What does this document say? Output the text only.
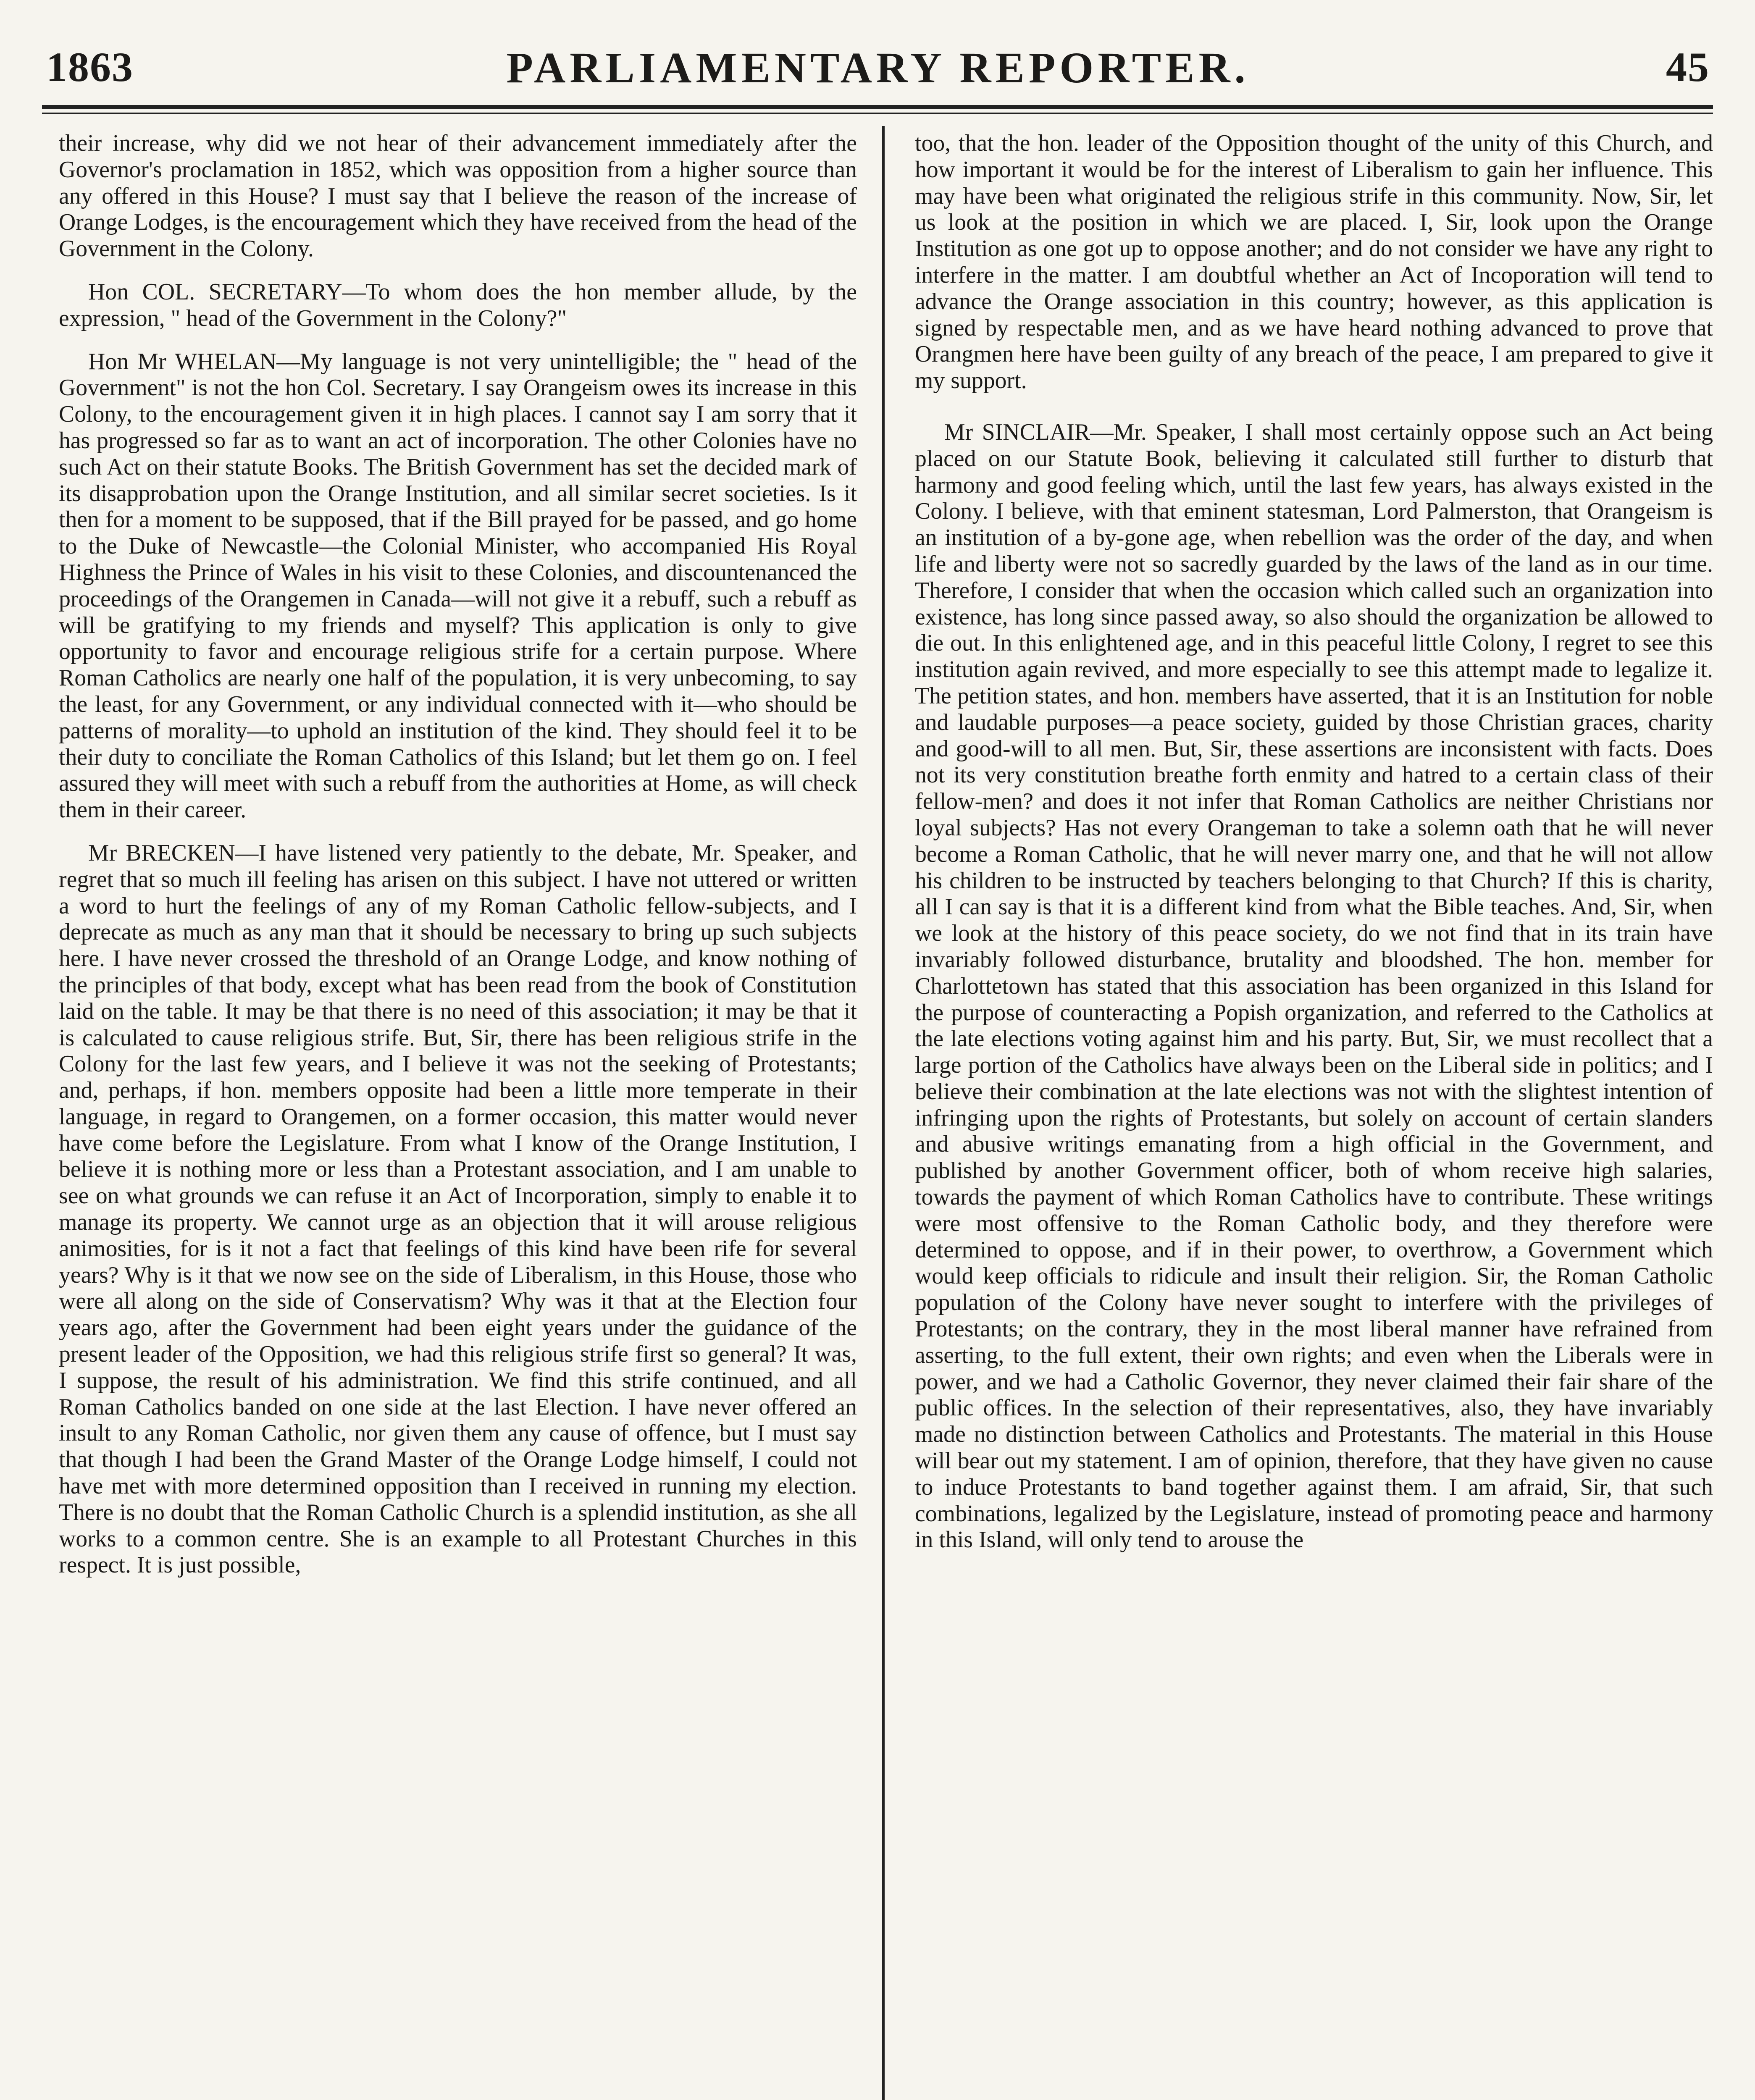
1863	PARLIAMENTARY REPORTER.	45

their increase, why did we not hear of their advancement immediately after the Governor's proclamation in 1852, which was opposition from a higher source than any offered in this House? I must say that I believe the reason of the increase of Orange Lodges, is the encouragement which they have received from the head of the Government in the Colony.

Hon COL. SECRETARY—To whom does the hon member allude, by the expression, " head of the Government in the Colony?"

Hon Mr WHELAN—My language is not very unintelligible; the " head of the Government" is not the hon Col. Secretary. I say Orangeism owes its increase in this Colony, to the encouragement given it in high places. I cannot say I am sorry that it has progressed so far as to want an act of incorporation. The other Colonies have no such Act on their statute Books. The British Government has set the decided mark of its disapprobation upon the Orange Institution, and all similar secret societies. Is it then for a moment to be supposed, that if the Bill prayed for be passed, and go home to the Duke of Newcastle—the Colonial Minister, who accompanied His Royal Highness the Prince of Wales in his visit to these Colonies, and discountenanced the proceedings of the Orangemen in Canada—will not give it a rebuff, such a rebuff as will be gratifying to my friends and myself? This application is only to give opportunity to favor and encourage religious strife for a certain purpose. Where Roman Catholics are nearly one half of the population, it is very unbecoming, to say the least, for any Government, or any individual connected with it—who should be patterns of morality—to uphold an institution of the kind. They should feel it to be their duty to conciliate the Roman Catholics of this Island; but let them go on. I feel assured they will meet with such a rebuff from the authorities at Home, as will check them in their career.

Mr BRECKEN—I have listened very patiently to the debate, Mr. Speaker, and regret that so much ill feeling has arisen on this subject. I have not uttered or written a word to hurt the feelings of any of my Roman Catholic fellow-subjects, and I deprecate as much as any man that it should be necessary to bring up such subjects here. I have never crossed the threshold of an Orange Lodge, and know nothing of the principles of that body, except what has been read from the book of Constitution laid on the table. It may be that there is no need of this association; it may be that it is calculated to cause religious strife. But, Sir, there has been religious strife in the Colony for the last few years, and I believe it was not the seeking of Protestants; and, perhaps, if hon. members opposite had been a little more temperate in their language, in regard to Orangemen, on a former occasion, this matter would never have come before the Legislature. From what I know of the Orange Institution, I believe it is nothing more or less than a Protestant association, and I am unable to see on what grounds we can refuse it an Act of Incorporation, simply to enable it to manage its property. We cannot urge as an objection that it will arouse religious animosities, for is it not a fact that feelings of this kind have been rife for several years? Why is it that we now see on the side of Liberalism, in this House, those who were all along on the side of Conservatism? Why was it that at the Election four years ago, after the Government had been eight years under the guidance of the present leader of the Opposition, we had this religious strife first so general? It was, I suppose, the result of his administration. We find this strife continued, and all Roman Catholics banded on one side at the last Election. I have never offered an insult to any Roman Catholic, nor given them any cause of offence, but I must say that though I had been the Grand Master of the Orange Lodge himself, I could not have met with more determined opposition than I received in running my election. There is no doubt that the Roman Catholic Church is a splendid institution, as she all works to a common centre. She is an example to all Protestant Churches in this respect. It is just possible,

too, that the hon. leader of the Opposition thought of the unity of this Church, and how important it would be for the interest of Liberalism to gain her influence. This may have been what originated the religious strife in this community. Now, Sir, let us look at the position in which we are placed. I, Sir, look upon the Orange Institution as one got up to oppose another; and do not consider we have any right to interfere in the matter. I am doubtful whether an Act of Incoporation will tend to advance the Orange association in this country; however, as this application is signed by respectable men, and as we have heard nothing advanced to prove that Orangmen here have been guilty of any breach of the peace, I am prepared to give it my support.

Mr SINCLAIR—Mr. Speaker, I shall most certainly oppose such an Act being placed on our Statute Book, believing it calculated still further to disturb that harmony and good feeling which, until the last few years, has always existed in the Colony. I believe, with that eminent statesman, Lord Palmerston, that Orangeism is an institution of a by-gone age, when rebellion was the order of the day, and when life and liberty were not so sacredly guarded by the laws of the land as in our time. Therefore, I consider that when the occasion which called such an organization into existence, has long since passed away, so also should the organization be allowed to die out. In this enlightened age, and in this peaceful little Colony, I regret to see this institution again revived, and more especially to see this attempt made to legalize it. The petition states, and hon. members have asserted, that it is an Institution for noble and laudable purposes—a peace society, guided by those Christian graces, charity and good-will to all men. But, Sir, these assertions are inconsistent with facts. Does not its very constitution breathe forth enmity and hatred to a certain class of their fellow-men? and does it not infer that Roman Catholics are neither Christians nor loyal subjects? Has not every Orangeman to take a solemn oath that he will never become a Roman Catholic, that he will never marry one, and that he will not allow his children to be instructed by teachers belonging to that Church? If this is charity, all I can say is that it is a different kind from what the Bible teaches. And, Sir, when we look at the history of this peace society, do we not find that in its train have invariably followed disturbance, brutality and bloodshed. The hon. member for Charlottetown has stated that this association has been organized in this Island for the purpose of counteracting a Popish organization, and referred to the Catholics at the late elections voting against him and his party. But, Sir, we must recollect that a large portion of the Catholics have always been on the Liberal side in politics; and I believe their combination at the late elections was not with the slightest intention of infringing upon the rights of Protestants, but solely on account of certain slanders and abusive writings emanating from a high official in the Government, and published by another Government officer, both of whom receive high salaries, towards the payment of which Roman Catholics have to contribute. These writings were most offensive to the Roman Catholic body, and they therefore were determined to oppose, and if in their power, to overthrow, a Government which would keep officials to ridicule and insult their religion. Sir, the Roman Catholic population of the Colony have never sought to interfere with the privileges of Protestants; on the contrary, they in the most liberal manner have refrained from asserting, to the full extent, their own rights; and even when the Liberals were in power, and we had a Catholic Governor, they never claimed their fair share of the public offices. In the selection of their representatives, also, they have invariably made no distinction between Catholics and Protestants. The material in this House will bear out my statement. I am of opinion, therefore, that they have given no cause to induce Protestants to band together against them. I am afraid, Sir, that such combinations, legalized by the Legislature, instead of promoting peace and harmony in this Island, will only tend to arouse the
